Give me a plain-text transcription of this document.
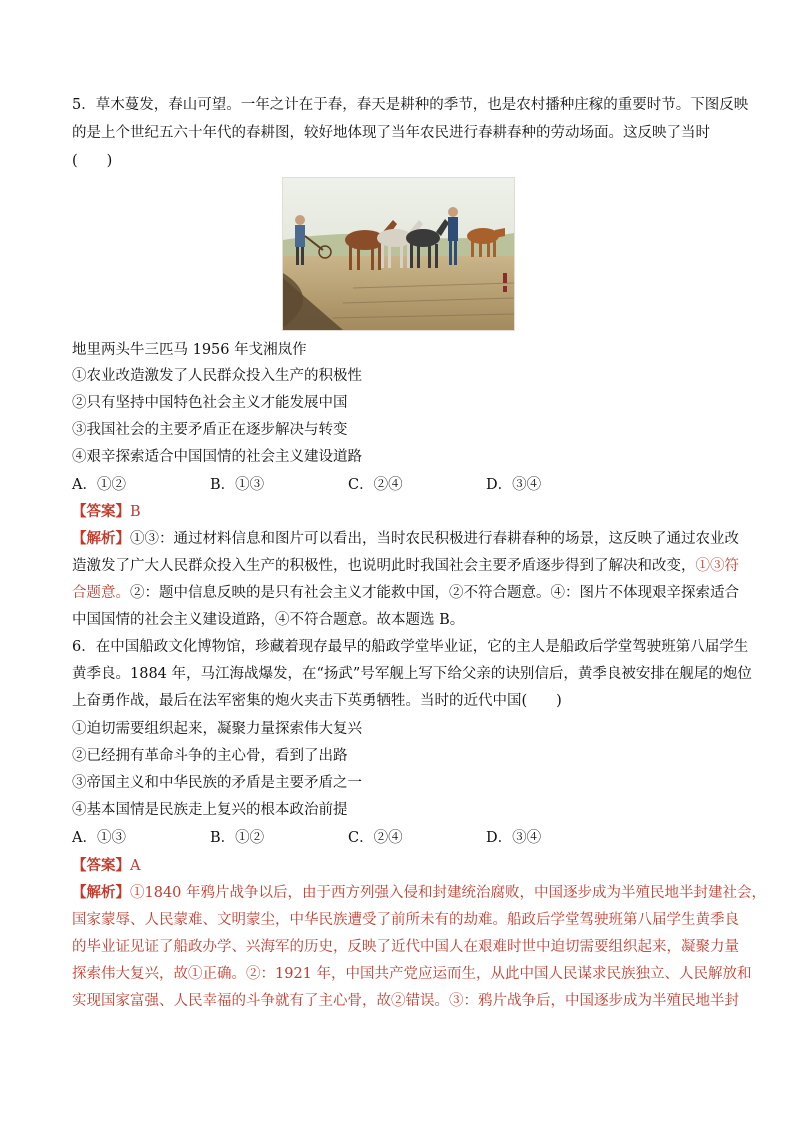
5．草木蔓发，春山可望。一年之计在于春，春天是耕种的季节，也是农村播种庄稼的重要时节。下图反映
的是上个世纪五六十年代的春耕图，较好地体现了当年农民进行春耕春种的劳动场面。这反映了当时
(　　)
地里两头牛三匹马 1956 年戈湘岚作
①农业改造激发了人民群众投入生产的积极性
②只有坚持中国特色社会主义才能发展中国
③我国社会的主要矛盾正在逐步解决与转变
④艰辛探索适合中国国情的社会主义建设道路
A．①②	B．①③	C．②④	D．③④
【答案】B
【解析】①③：通过材料信息和图片可以看出，当时农民积极进行春耕春种的场景，这反映了通过农业改
造激发了广大人民群众投入生产的积极性，也说明此时我国社会主要矛盾逐步得到了解决和改变，①③符
合题意。②：题中信息反映的是只有社会主义才能救中国，②不符合题意。④：图片不体现艰辛探索适合
中国国情的社会主义建设道路，④不符合题意。故本题选 B。
6．在中国船政文化博物馆，珍藏着现存最早的船政学堂毕业证，它的主人是船政后学堂驾驶班第八届学生
黄季良。1884 年，马江海战爆发，在“扬武”号军舰上写下给父亲的诀别信后，黄季良被安排在舰尾的炮位
上奋勇作战，最后在法军密集的炮火夹击下英勇牺牲。当时的近代中国(　　)
①迫切需要组织起来，凝聚力量探索伟大复兴
②已经拥有革命斗争的主心骨，看到了出路
③帝国主义和中华民族的矛盾是主要矛盾之一
④基本国情是民族走上复兴的根本政治前提
A．①③	B．①②	C．②④	D．③④
【答案】A
【解析】①1840 年鸦片战争以后，由于西方列强入侵和封建统治腐败，中国逐步成为半殖民地半封建社会，
国家蒙辱、人民蒙难、文明蒙尘，中华民族遭受了前所未有的劫难。船政后学堂驾驶班第八届学生黄季良
的毕业证见证了船政办学、兴海军的历史，反映了近代中国人在艰难时世中迫切需要组织起来，凝聚力量
探索伟大复兴，故①正确。②：1921 年，中国共产党应运而生，从此中国人民谋求民族独立、人民解放和
实现国家富强、人民幸福的斗争就有了主心骨，故②错误。③：鸦片战争后，中国逐步成为半殖民地半封
